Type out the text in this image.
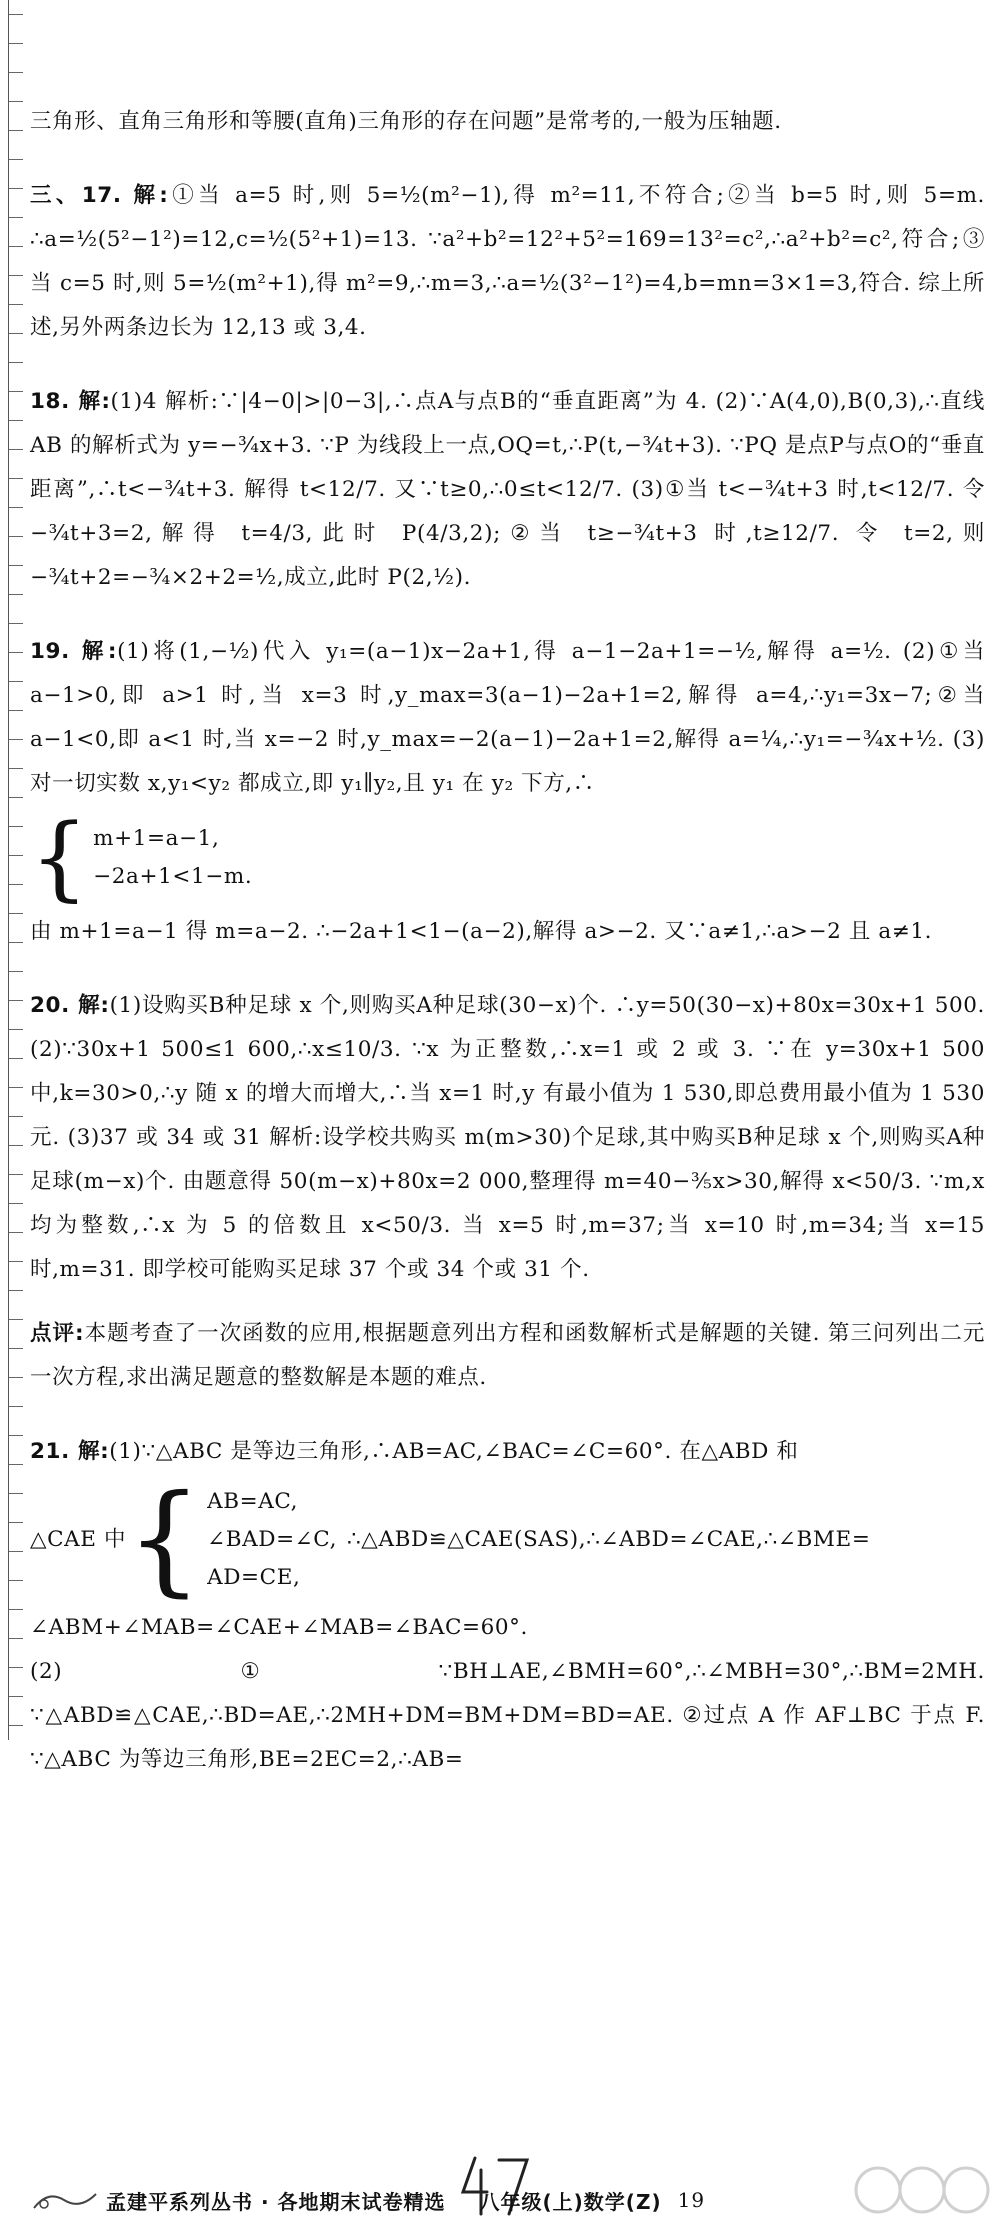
三角形、直角三角形和等腰(直角)三角形的存在问题”是常考的,一般为压轴题.

三、17. 解:①当 a=5 时,则 5=½(m²−1),得 m²=11,不符合;②当 b=5 时,则 5=m. ∴a=½(5²−1²)=12,c=½(5²+1)=13. ∵a²+b²=12²+5²=169=13²=c²,∴a²+b²=c²,符合;③当 c=5 时,则 5=½(m²+1),得 m²=9,∴m=3,∴a=½(3²−1²)=4,b=mn=3×1=3,符合. 综上所述,另外两条边长为 12,13 或 3,4.

18. 解:(1)4 解析:∵|4−0|>|0−3|,∴点A与点B的“垂直距离”为 4. (2)∵A(4,0),B(0,3),∴直线 AB 的解析式为 y=−¾x+3. ∵P 为线段上一点,OQ=t,∴P(t,−¾t+3). ∵PQ 是点P与点O的“垂直距离”,∴t<−¾t+3. 解得 t<12/7. 又∵t≥0,∴0≤t<12/7. (3)①当 t<−¾t+3 时,t<12/7. 令 −¾t+3=2,解得 t=4/3,此时 P(4/3,2);②当 t≥−¾t+3 时,t≥12/7. 令 t=2,则 −¾t+2=−¾×2+2=½,成立,此时 P(2,½).

19. 解:(1)将(1,−½)代入 y₁=(a−1)x−2a+1,得 a−1−2a+1=−½,解得 a=½. (2)①当 a−1>0,即 a>1 时,当 x=3 时,y_max=3(a−1)−2a+1=2,解得 a=4,∴y₁=3x−7;②当 a−1<0,即 a<1 时,当 x=−2 时,y_max=−2(a−1)−2a+1=2,解得 a=¼,∴y₁=−¾x+½. (3)对一切实数 x,y₁<y₂ 都成立,即 y₁∥y₂,且 y₁ 在 y₂ 下方,∴
{ m+1=a−1,
−2a+1<1−m.
由 m+1=a−1 得 m=a−2. ∴−2a+1<1−(a−2),解得 a>−2. 又∵a≠1,∴a>−2 且 a≠1.

20. 解:(1)设购买B种足球 x 个,则购买A种足球(30−x)个. ∴y=50(30−x)+80x=30x+1 500. (2)∵30x+1 500≤1 600,∴x≤10/3. ∵x 为正整数,∴x=1 或 2 或 3. ∵在 y=30x+1 500 中,k=30>0,∴y 随 x 的增大而增大,∴当 x=1 时,y 有最小值为 1 530,即总费用最小值为 1 530 元. (3)37 或 34 或 31 解析:设学校共购买 m(m>30)个足球,其中购买B种足球 x 个,则购买A种足球(m−x)个. 由题意得 50(m−x)+80x=2 000,整理得 m=40−⅗x>30,解得 x<50/3. ∵m,x 均为整数,∴x 为 5 的倍数且 x<50/3. 当 x=5 时,m=37;当 x=10 时,m=34;当 x=15 时,m=31. 即学校可能购买足球 37 个或 34 个或 31 个.

点评:本题考查了一次函数的应用,根据题意列出方程和函数解析式是解题的关键. 第三问列出二元一次方程,求出满足题意的整数解是本题的难点.

21. 解:(1)∵△ABC 是等边三角形,∴AB=AC,∠BAC=∠C=60°. 在△ABD 和
△CAE 中 { AB=AC,
∠BAD=∠C,
AD=CE,
∴△ABD≌△CAE(SAS),∴∠ABD=∠CAE,∴∠BME=
∠ABM+∠MAB=∠CAE+∠MAB=∠BAC=60°. (2)①∵BH⊥AE,∠BMH=60°,∴∠MBH=30°,∴BM=2MH. ∵△ABD≌△CAE,∴BD=AE,∴2MH+DM=BM+DM=BD=AE. ②过点 A 作 AF⊥BC 于点 F. ∵△ABC 为等边三角形,BE=2EC=2,∴AB=
孟建平系列丛书 · 各地期末试卷精选 八年级(上)数学(Z) 19
